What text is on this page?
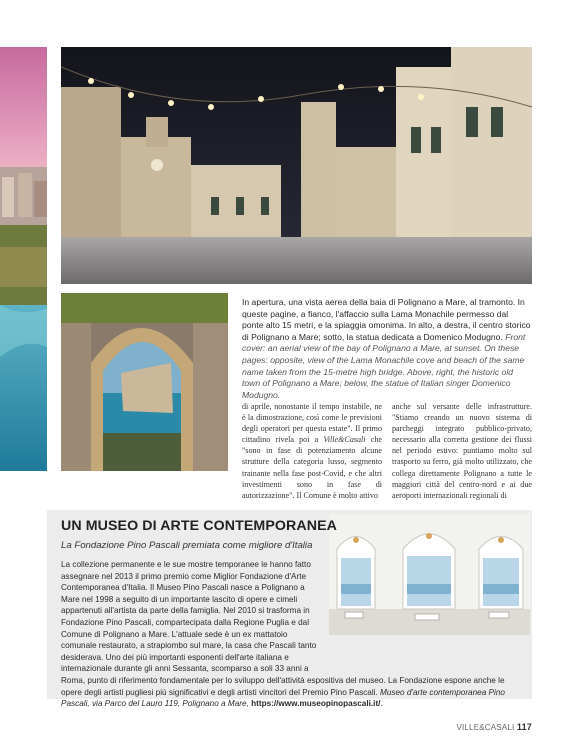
In apertura, una vista aerea della baia di Polignano a Mare, al tramonto. In queste pagine, a fianco, l'affaccio sulla Lama Monachile permesso dal ponte alto 15 metri, e la spiaggia omonima. In alto, a destra, il centro storico di Polignano a Mare; sotto, la statua dedicata a Domenico Modugno. Front cover: an aerial view of the bay of Polignano a Mare, at sunset. On these pages: opposite, view of the Lama Monachile cove and beach of the same name taken from the 15-metre high bridge. Above, right, the historic old town of Polignano a Mare; below, the statue of Italian singer Domenico Modugno.
di aprile, nonostante il tempo instabile, ne è la dimostrazione, così come le previsioni degli operatori per questa estate". Il primo cittadino rivela poi a Ville&Casali che "sono in fase di potenziamento alcune strutture della categoria lusso, segmento trainante nella fase post-Covid, e che altri investimenti sono in fase di autorizzazione". Il Comune è molto attivo
anche sul versante delle infrastrutture. "Stiamo creando un nuovo sistema di parcheggi integrato pubblico-privato, necessario alla corretta gestione dei flussi nel periodo estivo: puntiamo molto sul trasporto su ferro, già molto utilizzato, che collega direttamente Polignano a tutte le maggiori città del centro-nord e ai due aeroporti internazionali regionali di
UN MUSEO DI ARTE CONTEMPORANEA
La Fondazione Pino Pascali premiata come migliore d'Italia
La collezione permanente e le sue mostre temporanee le hanno fatto assegnare nel 2013 il primo premio come Miglior Fondazione d'Arte Contemporanea d'Italia. Il Museo Pino Pascali nasce a Polignano a Mare nel 1998 a seguito di un importante lascito di opere e cimeli appartenuti all'artista da parte della famiglia. Nel 2010 si trasforma in Fondazione Pino Pascali, compartecipata dalla Regione Puglia e dal Comune di Polignano a Mare. L'attuale sede è un ex mattatoio comunale restaurato, a strapiombo sul mare, la casa che Pascali tanto desiderava. Uno dei più importanti esponenti dell'arte italiana e internazionale durante gli anni Sessanta, scomparso a soli 33 anni a
Roma, punto di riferimento fondamentale per lo sviluppo dell'attività espositiva del museo. La Fondazione espone anche le opere degli artisti pugliesi più significativi e degli artisti vincitori del Premio Pino Pascali. Museo d'arte contemporanea Pino Pascali, via Parco del Lauro 119, Polignano a Mare, https://www.museopinopascali.it/.
VILLE&CASALI 117
